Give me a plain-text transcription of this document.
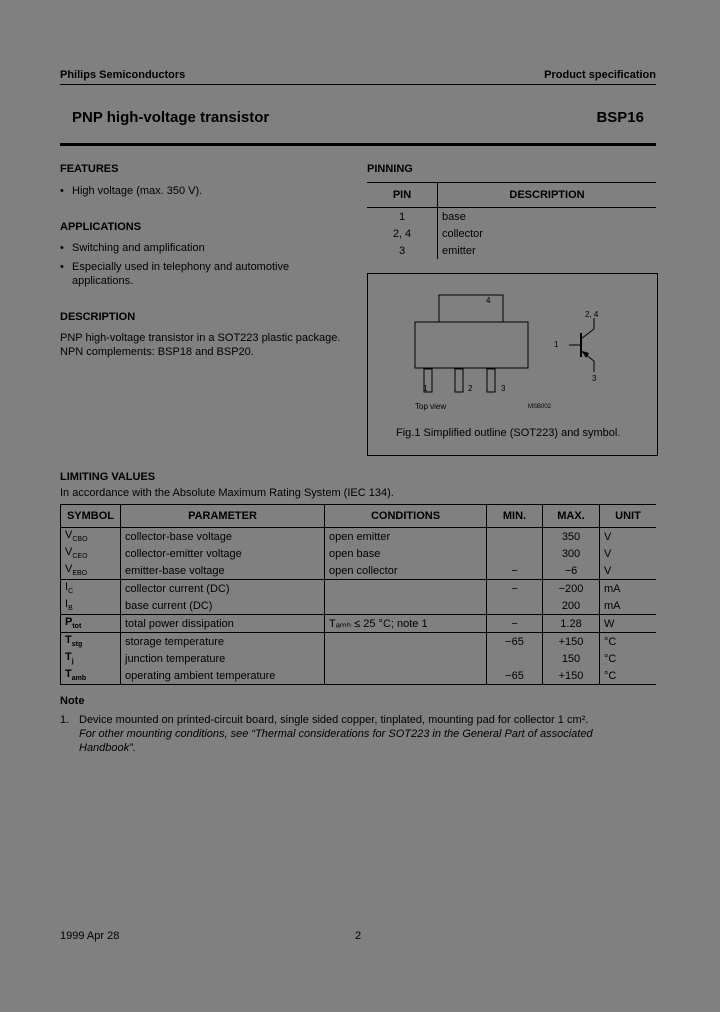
Philips Semiconductors	Product specification
PNP high-voltage transistor	BSP16
FEATURES
• High voltage (max. 350 V).
APPLICATIONS
• Switching and amplification
• Especially used in telephony and automotive
applications.
DESCRIPTION
PNP high-voltage transistor in a SOT223 plastic package.
NPN complements: BSP18 and BSP20.
PINNING
PIN	DESCRIPTION
1	base
2, 4	collector
3	emitter
4
1	2	3
2, 4
1
3
Top view	MSB002
Fig.1 Simplified outline (SOT223) and symbol.
LIMITING VALUES
In accordance with the Absolute Maximum Rating System (IEC 134).
SYMBOL	PARAMETER	CONDITIONS	MIN.	MAX.	UNIT
$V_{CBO}$	collector-base voltage	open emitter		350	V
$V_{CEO}$	collector-emitter voltage	open base		300	V
$V_{EBO}$	emitter-base voltage	open collector	−	−6	V
$I_C$	collector current (DC)		−	−200	mA
$I_B$	base current (DC)			200	mA
$P_{tot}$	total power dissipation	Tₐₘₕ ≤ 25 °C; note 1	−	1.28	W
$T_{stg}$	storage temperature		−65	+150	°C
$T_j$	junction temperature			150	°C
$T_{amb}$	operating ambient temperature		−65	+150	°C
Note
1. Device mounted on printed-circuit board, single sided copper, tinplated, mounting pad for collector 1 cm².
For other mounting conditions, see “Thermal considerations for SOT223 in the General Part of associated
Handbook”.
1999 Apr 28	2
